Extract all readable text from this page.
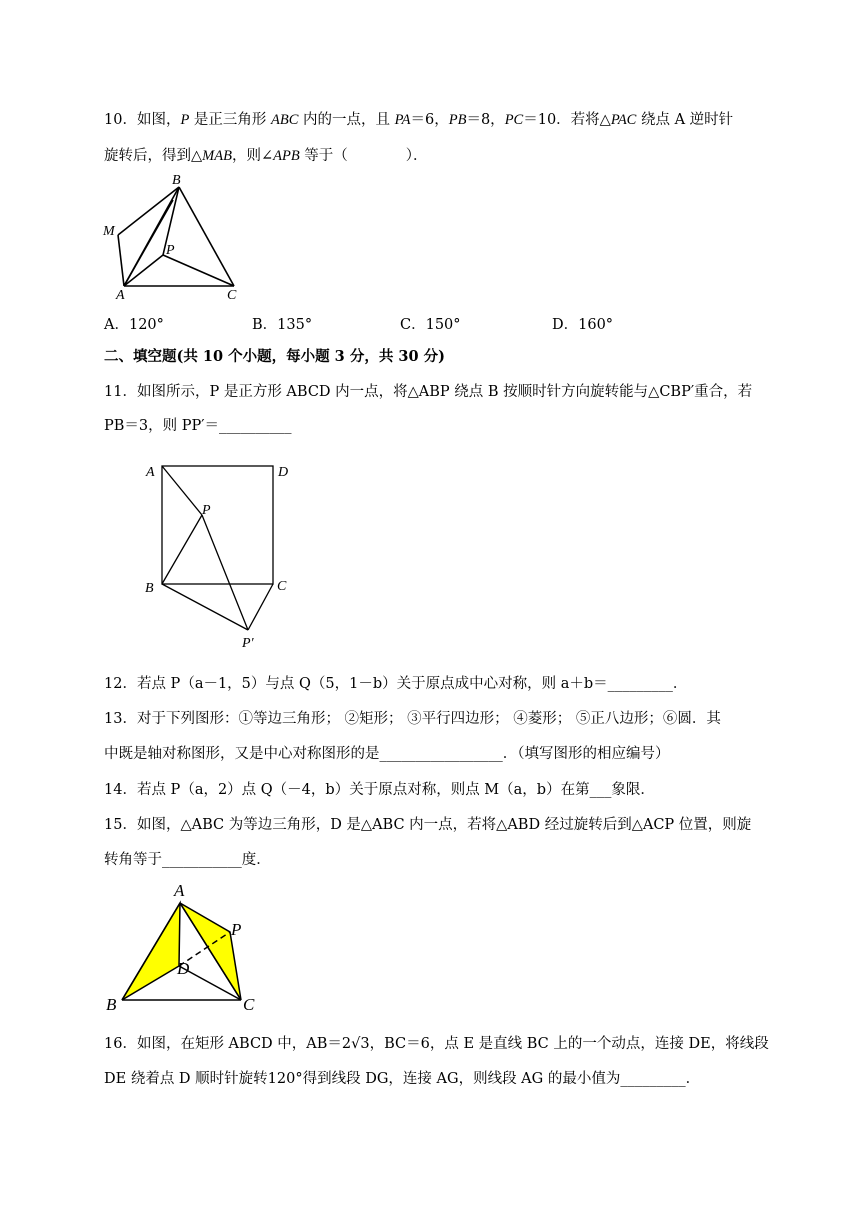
10．如图，P 是正三角形 ABC 内的一点，且 PA＝6，PB＝8，PC＝10．若将△PAC 绕点 A 逆时针
旋转后，得到△MAB，则∠APB 等于（　　　　）．
B
M
P
A	C
A．120°	B．135°	C．150°	D．160°
二、填空题(共 10 个小题，每小题 3 分，共 30 分)
11．如图所示，P 是正方形 ABCD 内一点，将△ABP 绕点 B 按顺时针方向旋转能与△CBP′重合，若
PB＝3，则 PP′＝__________
A	D
P
B	C
P′
12．若点 P（a－1，5）与点 Q（5，1－b）关于原点成中心对称，则 a＋b＝_________．
13．对于下列图形：①等边三角形； ②矩形； ③平行四边形； ④菱形； ⑤正八边形；⑥圆．其
中既是轴对称图形，又是中心对称图形的是_________________．（填写图形的相应编号）
14．若点 P（a，2）点 Q（－4，b）关于原点对称，则点 M（a，b）在第___象限．
15．如图，△ABC 为等边三角形，D 是△ABC 内一点，若将△ABD 经过旋转后到△ACP 位置，则旋
转角等于___________度．
A
P
D
B	C
16．如图，在矩形 ABCD 中，AB＝2√3，BC＝6，点 E 是直线 BC 上的一个动点，连接 DE，将线段
DE 绕着点 D 顺时针旋转120°得到线段 DG，连接 AG，则线段 AG 的最小值为_________．
